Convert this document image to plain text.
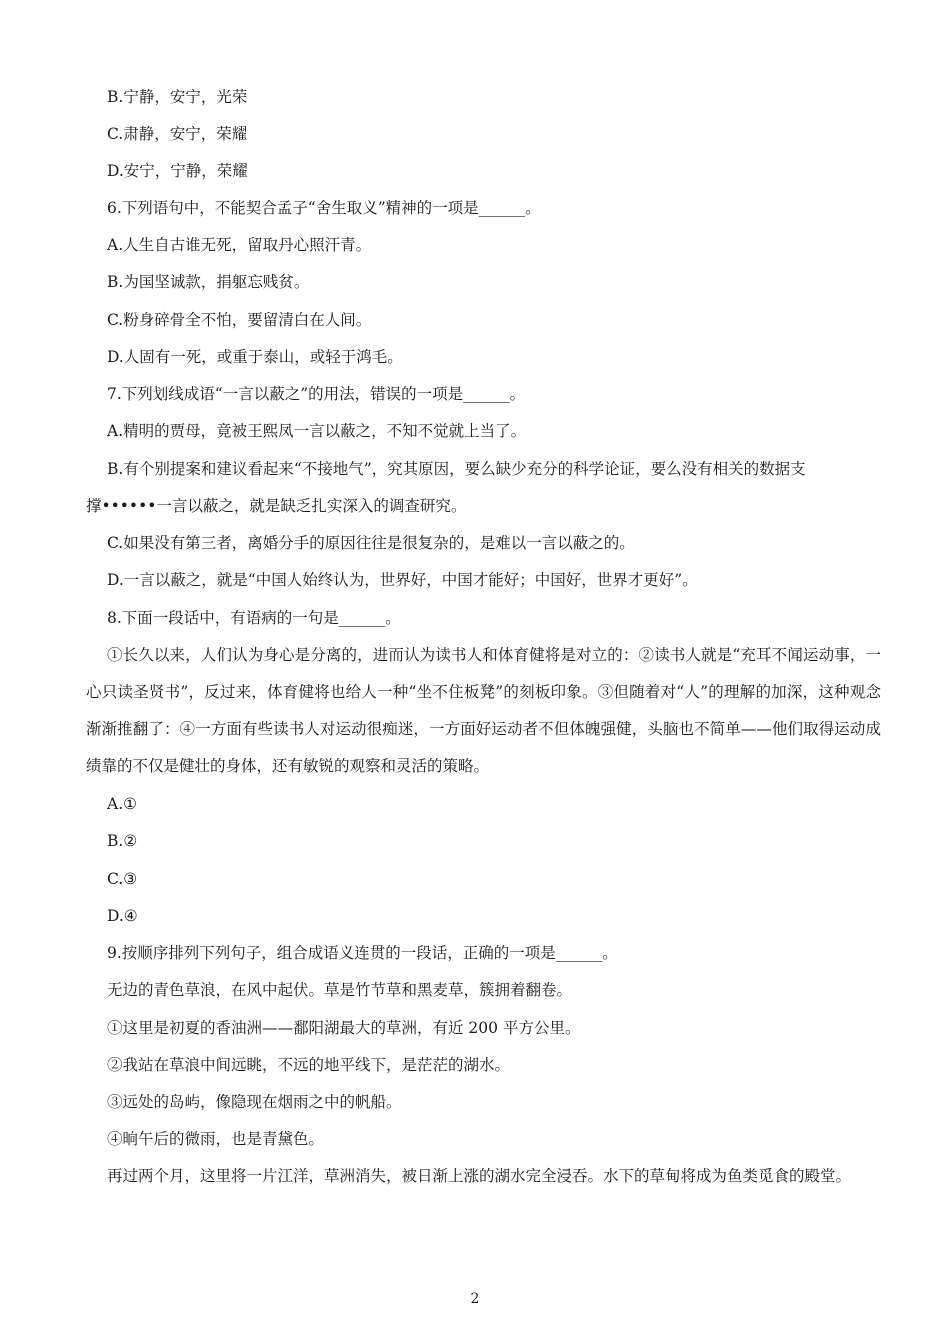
B.宁静，安宁，光荣
C.肃静，安宁，荣耀
D.安宁，宁静，荣耀
6.下列语句中，不能契合孟子“舍生取义”精神的一项是______。
A.人生自古谁无死，留取丹心照汗青。
B.为国坚诚款，捐躯忘贱贫。
C.粉身碎骨全不怕，要留清白在人间。
D.人固有一死，或重于泰山，或轻于鸿毛。
7.下列划线成语“一言以蔽之”的用法，错误的一项是______。
A.精明的贾母，竟被王熙凤一言以蔽之，不知不觉就上当了。
B.有个别提案和建议看起来“不接地气”，究其原因，要么缺少充分的科学论证，要么没有相关的数据支
撑••••••一言以蔽之，就是缺乏扎实深入的调查研究。
C.如果没有第三者，离婚分手的原因往往是很复杂的，是难以一言以蔽之的。
D.一言以蔽之，就是“中国人始终认为，世界好，中国才能好；中国好，世界才更好”。
8.下面一段话中，有语病的一句是______。
①长久以来，人们认为身心是分离的，进而认为读书人和体育健将是对立的：②读书人就是“充耳不闻运动事，一心只读圣贤书”，反过来，体育健将也给人一种“坐不住板凳”的刻板印象。③但随着对“人”的理解的加深，这种观念渐渐推翻了：④一方面有些读书人对运动很痴迷，一方面好运动者不但体魄强健，头脑也不简单——他们取得运动成绩靠的不仅是健壮的身体，还有敏锐的观察和灵活的策略。
A.①
B.②
C.③
D.④
9.按顺序排列下列句子，组合成语义连贯的一段话，正确的一项是______。
无边的青色草浪，在风中起伏。草是竹节草和黑麦草，簇拥着翻卷。
①这里是初夏的香油洲——鄱阳湖最大的草洲，有近 200 平方公里。
②我站在草浪中间远眺，不远的地平线下，是茫茫的湖水。
③远处的岛屿，像隐现在烟雨之中的帆船。
④晌午后的微雨，也是青黛色。
再过两个月，这里将一片江洋，草洲消失，被日渐上涨的湖水完全浸吞。水下的草甸将成为鱼类觅食的殿堂。
2
